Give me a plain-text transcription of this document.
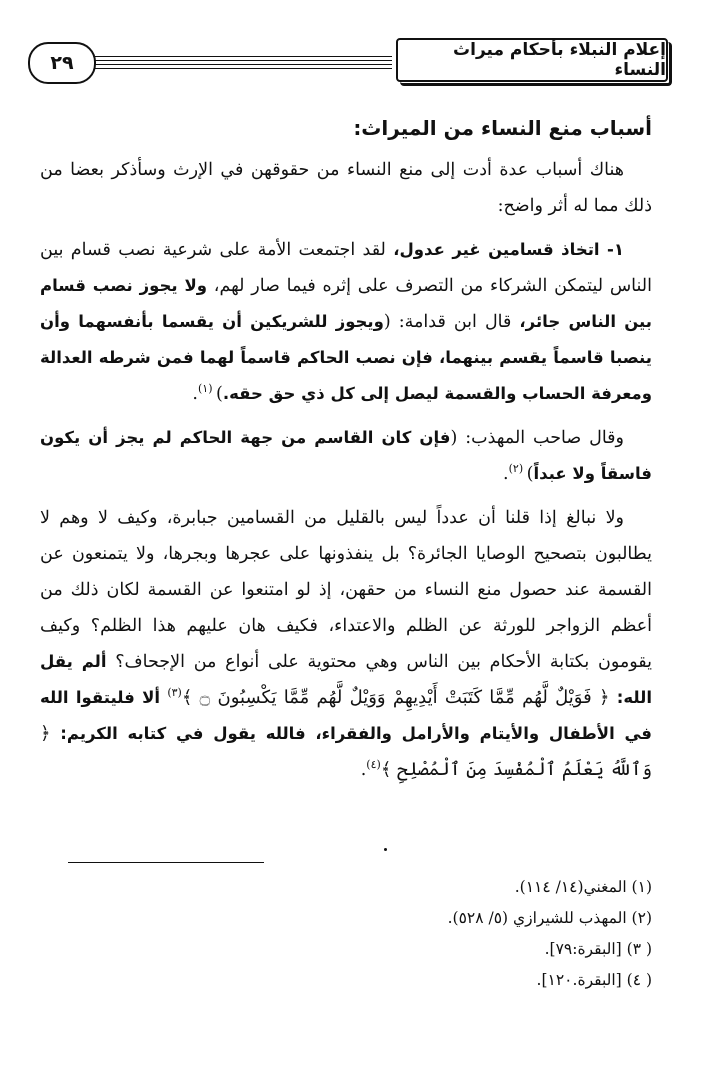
٢٩
إعلام النبلاء بأحكام ميراث النساء
أسباب منع النساء من الميراث:

هناك أسباب عدة أدت إلى منع النساء من حقوقهن في الإرث وسأذكر بعضا من ذلك مما له أثر واضح:

١- اتخاذ قسامين غير عدول، لقد اجتمعت الأمة على شرعية نصب قسام بين الناس ليتمكن الشركاء من التصرف على إثره فيما صار لهم، ولا يجوز نصب قسام بين الناس جائر، قال ابن قدامة: (ويجوز للشريكين أن يقسما بأنفسهما وأن ينصبا قاسماً يقسم بينهما، فإن نصب الحاكم قاسماً لهما فمن شرطه العدالة ومعرفة الحساب والقسمة ليصل إلى كل ذي حق حقه.) $^{(١)}$.

وقال صاحب المهذب: (فإن كان القاسم من جهة الحاكم لم يجز أن يكون فاسقاً ولا عبداً) $^{(٢)}$.

ولا نبالغ إذا قلنا أن عدداً ليس بالقليل من القسامين جبابرة، وكيف لا وهم لا يطالبون بتصحيح الوصايا الجائرة؟ بل ينفذونها على عجرها وبجرها، ولا يتمنعون عن القسمة عند حصول منع النساء من حقهن، إذ لو امتنعوا عن القسمة لكان ذلك من أعظم الزواجر للورثة عن الظلم والاعتداء، فكيف هان عليهم هذا الظلم؟ وكيف يقومون بكتابة الأحكام بين الناس وهي محتوية على أنواع من الإجحاف؟ ألم يقل الله: ﴿ فَوَيْلٌ لَّهُم مِّمَّا كَتَبَتْ أَيْدِيهِمْ وَوَيْلٌ لَّهُم مِّمَّا يَكْسِبُونَ ۝ ﴾$^{(٣)}$ ألا فليتقوا الله في الأطفال والأيتام والأرامل والفقراء، فالله يقول في كتابه الكريم: ﴿ وَٱللَّهُ يَعْلَمُ ٱلْمُفْسِدَ مِنَ ٱلْمُصْلِحِ ﴾$^{(٤)}$.

(١) المغني(١٤/ ١١٤).
(٢) المهذب للشيرازي (٥/ ٥٢٨).
( ٣) [البقرة:٧٩].
( ٤) [البقرة.١٢٠].
